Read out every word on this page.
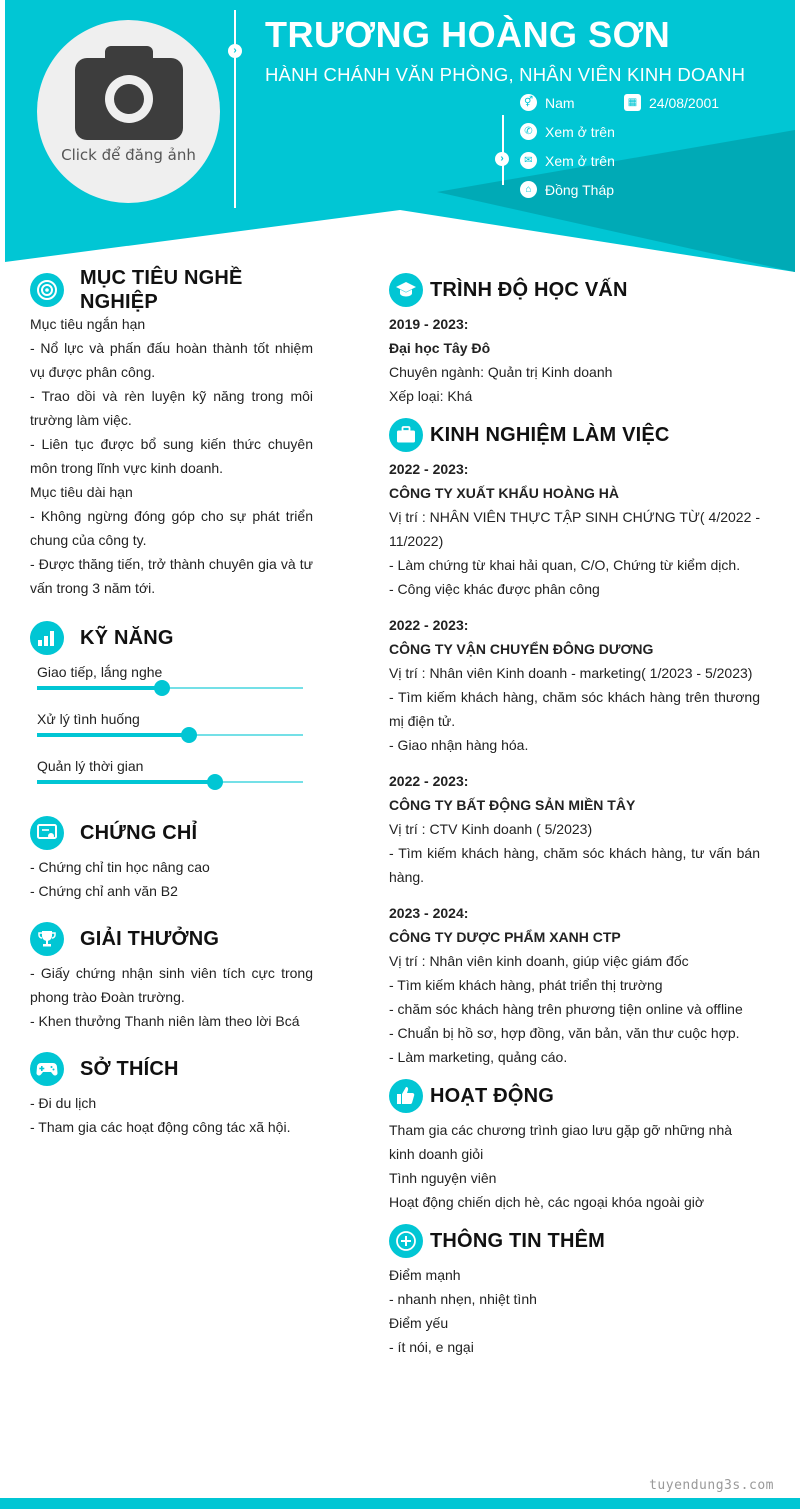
Click để đăng ảnh
› TRƯƠNG HOÀNG SƠN
HÀNH CHÁNH VĂN PHÒNG, NHÂN VIÊN KINH DOANH
⚥ Nam	▦ 24/08/2001
›
✆ Xem ở trên
✉ Xem ở trên
⌂ Đồng Tháp
MỤC TIÊU NGHỀ NGHIỆP
Mục tiêu ngắn hạn
- Nổ lực và phấn đấu hoàn thành tốt nhiệm vụ được phân công.
- Trao dồi và rèn luyện kỹ năng trong môi trường làm việc.
- Liên tục được bổ sung kiến thức chuyên môn trong lĩnh vực kinh doanh.
Mục tiêu dài hạn
- Không ngừng đóng góp cho sự phát triển chung của công ty.
- Được thăng tiến, trở thành chuyên gia và tư vấn trong 3 năm tới.
KỸ NĂNG
Giao tiếp, lắng nghe
Xử lý tình huống
Quản lý thời gian
CHỨNG CHỈ
- Chứng chỉ tin học nâng cao
- Chứng chỉ anh văn B2
GIẢI THƯỞNG
- Giấy chứng nhận sinh viên tích cực trong phong trào Đoàn trường.
- Khen thưởng Thanh niên làm theo lời Bcá
SỞ THÍCH
- Đi du lịch
- Tham gia các hoạt động công tác xã hội.
TRÌNH ĐỘ HỌC VẤN
2019 - 2023:
Đại học Tây Đô
Chuyên ngành: Quản trị Kinh doanh
Xếp loại: Khá
KINH NGHIỆM LÀM VIỆC
2022 - 2023:
CÔNG TY XUẤT KHẨU HOÀNG HÀ
Vị trí : NHÂN VIÊN THỰC TẬP SINH CHỨNG TỪ( 4/2022 - 11/2022)
- Làm chứng từ khai hải quan, C/O, Chứng từ kiểm dịch.
- Công việc khác được phân công
2022 - 2023:
CÔNG TY VẬN CHUYỂN ĐÔNG DƯƠNG
Vị trí : Nhân viên Kinh doanh - marketing( 1/2023 - 5/2023)
- Tìm kiếm khách hàng, chăm sóc khách hàng trên thương mị điện tử.
- Giao nhận hàng hóa.
2022 - 2023:
CÔNG TY BẤT ĐỘNG SẢN MIỀN TÂY
Vị trí : CTV Kinh doanh ( 5/2023)
- Tìm kiếm khách hàng, chăm sóc khách hàng, tư vấn bán hàng.
2023 - 2024:
CÔNG TY DƯỢC PHẨM XANH CTP
Vị trí : Nhân viên kinh doanh, giúp việc giám đốc
- Tìm kiếm khách hàng, phát triển thị trường
- chăm sóc khách hàng trên phương tiện online và offline
- Chuẩn bị hồ sơ, hợp đồng, văn bản, văn thư cuộc hợp.
- Làm marketing, quảng cáo.
HOẠT ĐỘNG
Tham gia các chương trình giao lưu gặp gỡ những nhà kinh doanh giỏi
Tình nguyện viên
Hoạt động chiến dịch hè, các ngoại khóa ngoài giờ
THÔNG TIN THÊM
Điểm mạnh
- nhanh nhẹn, nhiệt tình
Điểm yếu
- ít nói, e ngại
tuyendung3s.com
